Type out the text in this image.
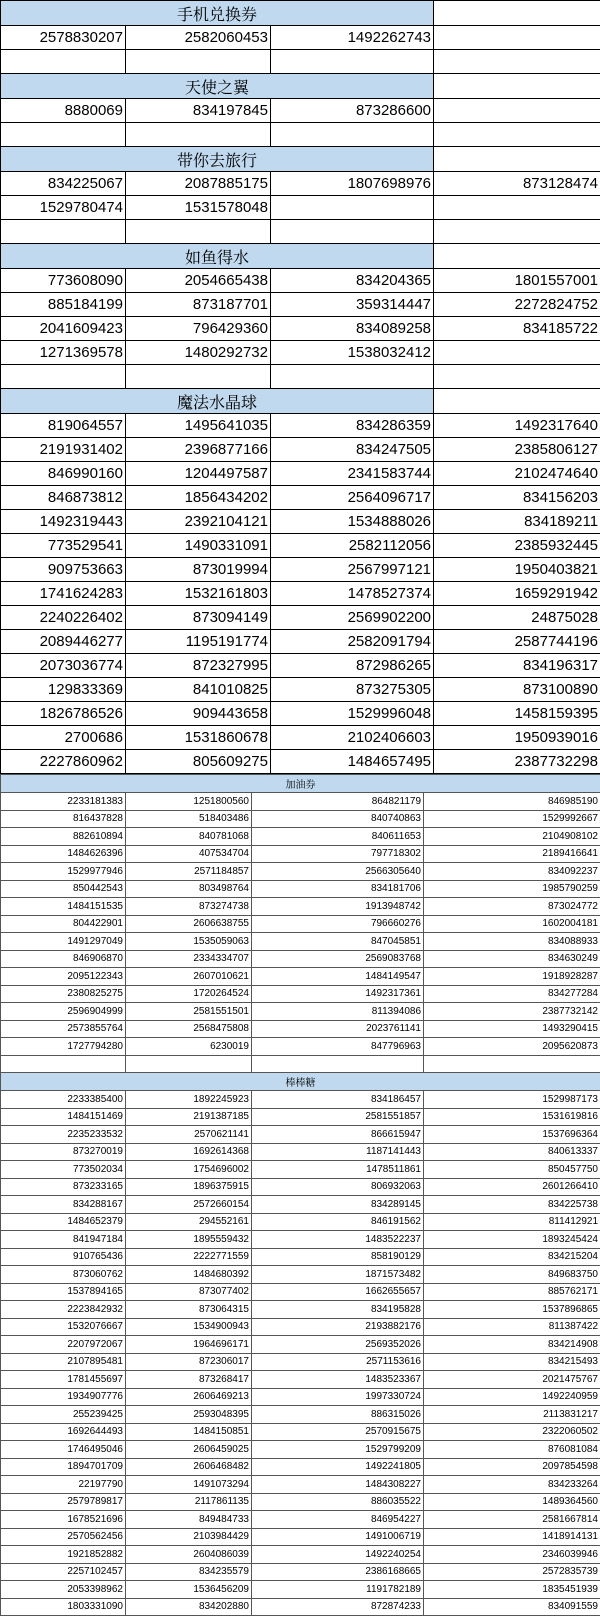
手机兑换券			
2578830207	2582060453	1492262743	

天使之翼			
8880069	834197845	873286600	

带你去旅行			
834225067	2087885175	1807698976	873128474
1529780474	1531578048		

如鱼得水			
773608090	2054665438	834204365	1801557001
885184199	873187701	359314447	2272824752
2041609423	796429360	834089258	834185722
1271369578	1480292732	1538032412	

魔法水晶球			
819064557	1495641035	834286359	1492317640
2191931402	2396877166	834247505	2385806127
846990160	1204497587	2341583744	2102474640
846873812	1856434202	2564096717	834156203
1492319443	2392104121	1534888026	834189211
773529541	1490331091	2582112056	2385932445
909753663	873019994	2567997121	1950403821
1741624283	1532161803	1478527374	1659291942
2240226402	873094149	2569902200	24875028
2089446277	1195191774	2582091794	2587744196
2073036774	872327995	872986265	834196317
129833369	841010825	873275305	873100890
1826786526	909443658	1529996048	1458159395
2700686	1531860678	2102406603	1950939016
2227860962	805609275	1484657495	2387732298
加油券			
2233181383	1251800560	864821179	846985190
816437828	518403486	840740863	1529992667
882610894	840781068	840611653	2104908102
1484626396	407534704	797718302	2189416641
1529977946	2571184857	2566305640	834092237
850442543	803498764	834181706	1985790259
1484151535	873274738	1913948742	873024772
804422901	2606638755	796660276	1602004181
1491297049	1535059063	847045851	834088933
846906870	2334334707	2569083768	834630249
2095122343	2607010621	1484149547	1918928287
2380825275	1720264524	1492317361	834277284
2596904999	2581551501	811394086	2387732142
2573855764	2568475808	2023761141	1493290415
1727794280	6230019	847796963	2095620873

棒棒糖			
2233385400	1892245923	834186457	1529987173
1484151469	2191387185	2581551857	1531619816
2235233532	2570621141	866615947	1537696364
873270019	1692614368	1187141443	840613337
773502034	1754696002	1478511861	850457750
873233165	1896375915	806932063	2601266410
834288167	2572660154	834289145	834225738
1484652379	294552161	846191562	811412921
841947184	1895559432	1483522237	1893245424
910765436	2222771559	858190129	834215204
873060762	1484680392	1871573482	849683750
1537894165	873077402	1662655657	885762171
2223842932	873064315	834195828	1537896865
1532076667	1534900943	2193882176	811387422
2207972067	1964696171	2569352026	834214908
2107895481	872306017	2571153616	834215493
1781455697	873268417	1483523367	2021475767
1934907776	2606469213	1997330724	1492240959
255239425	2593048395	886315026	2113831217
1692644493	1484150851	2570915675	2322060502
1746495046	2606459025	1529799209	876081084
1894701709	2606468482	1492241805	2097854598
22197790	1491073294	1484308227	834233264
2579789817	2117861135	886035522	1489364560
1678521696	849484733	846954227	2581667814
2570562456	2103984429	1491006719	1418914131
1921852882	2604086039	1492240254	2346039946
2257102457	834235579	2386168665	2572835739
2053398962	1536456209	1191782189	1835451939
1803331090	834202880	872874233	834091559
